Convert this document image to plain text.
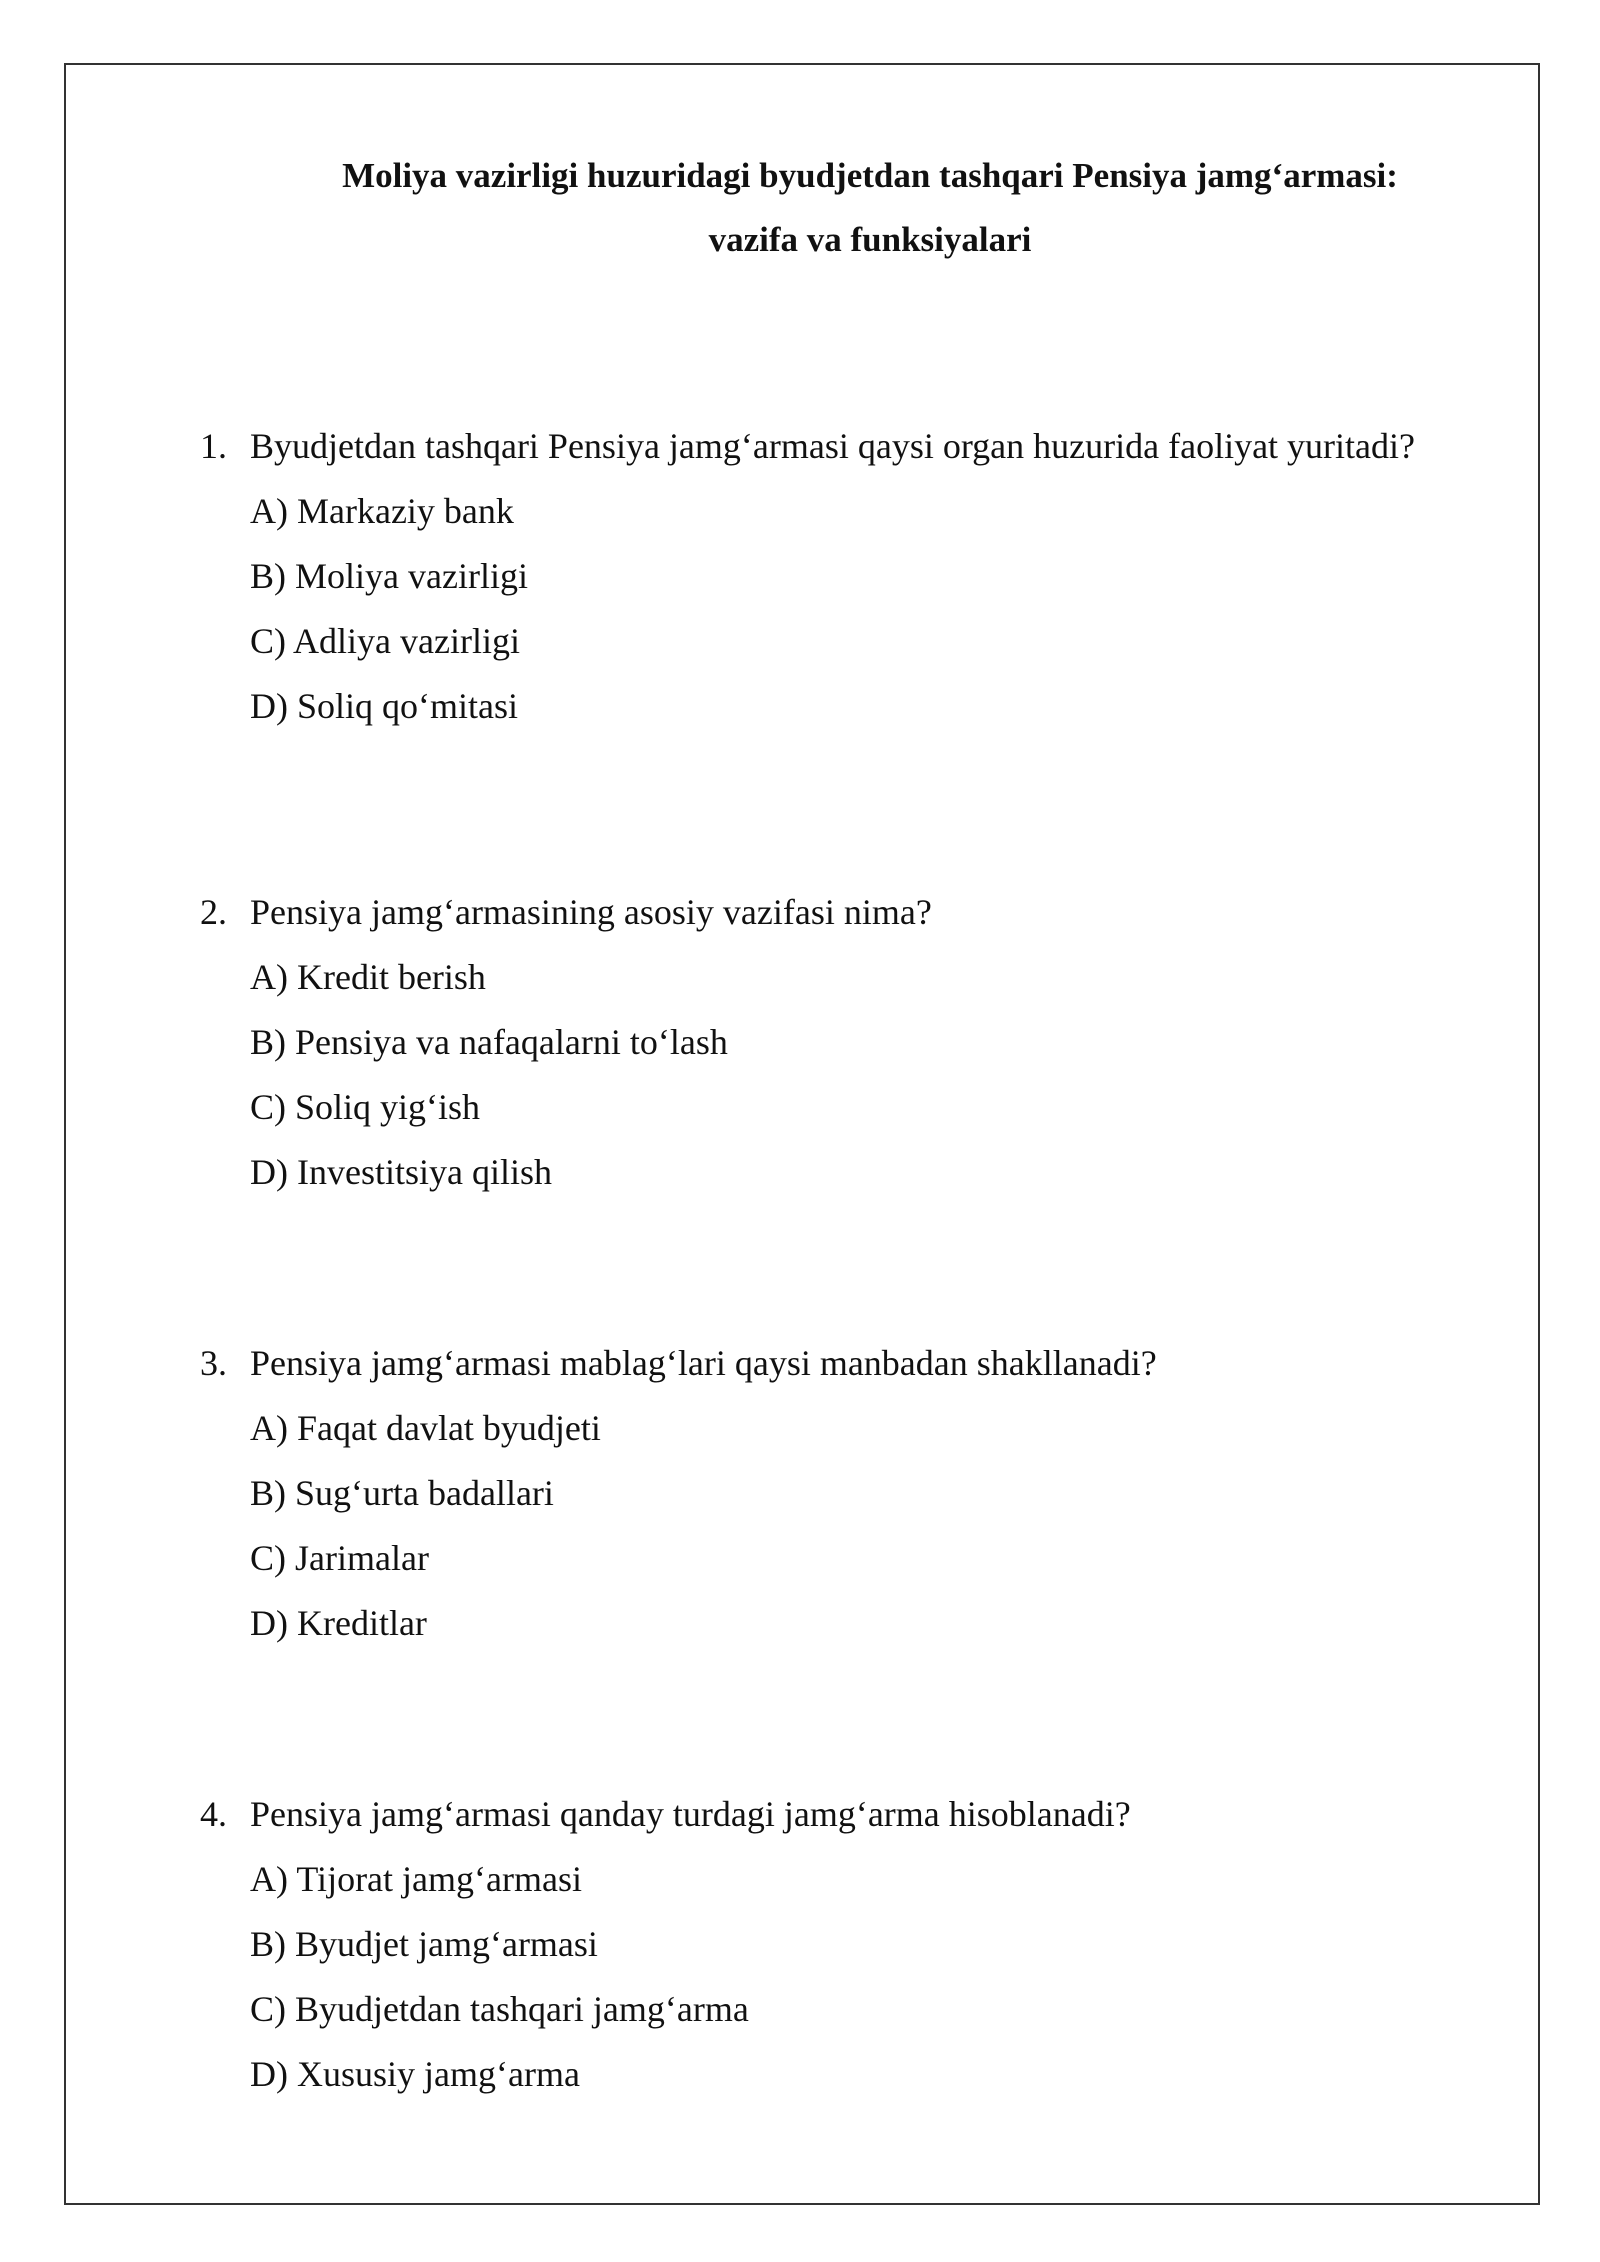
Moliya vazirligi huzuridagi byudjetdan tashqari Pensiya jamg‘armasi:
vazifa va funksiyalari
1. Byudjetdan tashqari Pensiya jamg‘armasi qaysi organ huzurida faoliyat yuritadi?
A) Markaziy bank
B) Moliya vazirligi
C) Adliya vazirligi
D) Soliq qo‘mitasi
2. Pensiya jamg‘armasining asosiy vazifasi nima?
A) Kredit berish
B) Pensiya va nafaqalarni to‘lash
C) Soliq yig‘ish
D) Investitsiya qilish
3. Pensiya jamg‘armasi mablag‘lari qaysi manbadan shakllanadi?
A) Faqat davlat byudjeti
B) Sug‘urta badallari
C) Jarimalar
D) Kreditlar
4. Pensiya jamg‘armasi qanday turdagi jamg‘arma hisoblanadi?
A) Tijorat jamg‘armasi
B) Byudjet jamg‘armasi
C) Byudjetdan tashqari jamg‘arma
D) Xususiy jamg‘arma
